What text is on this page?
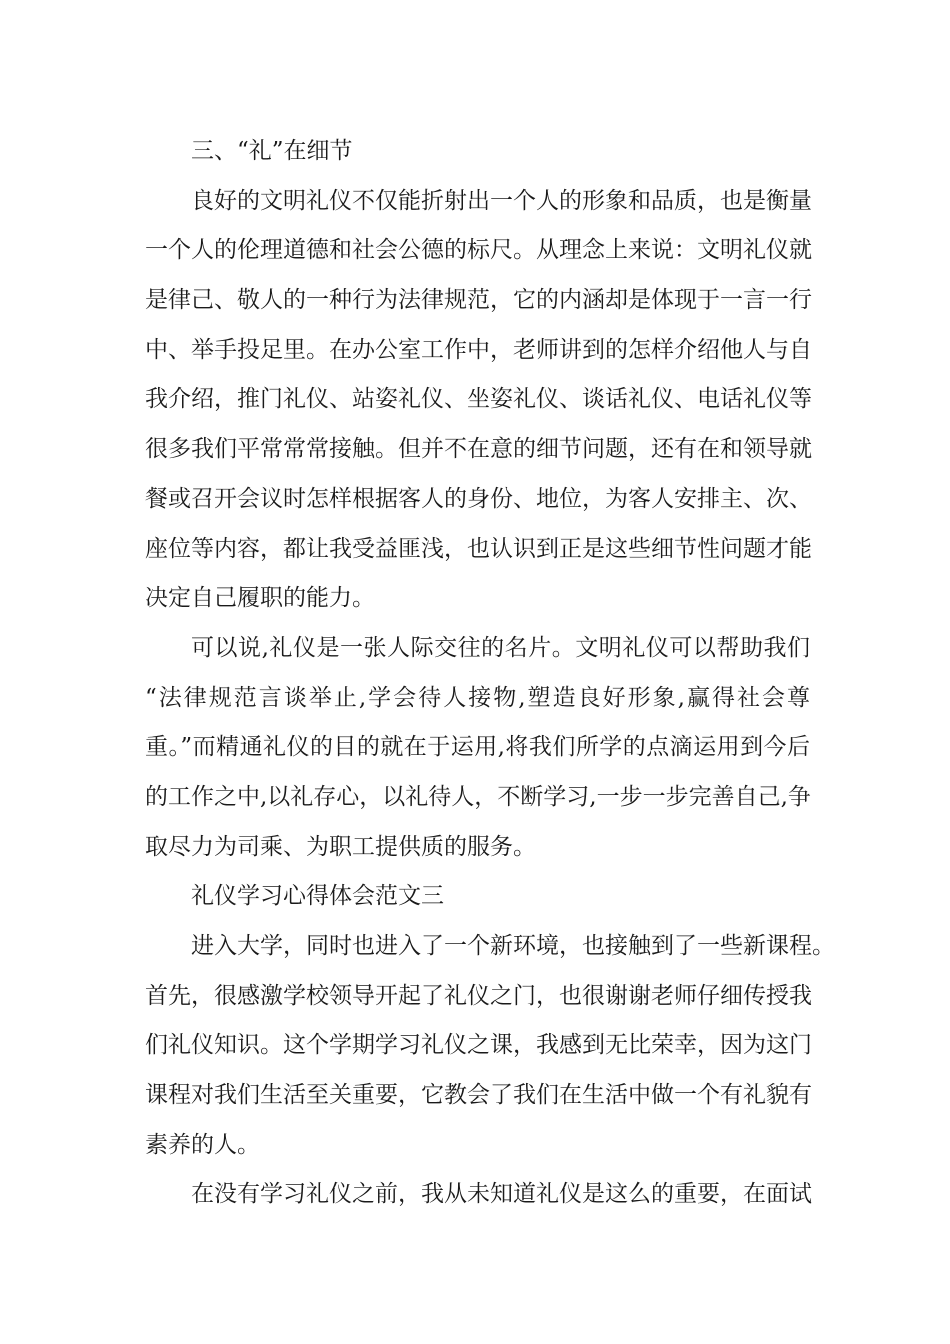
三、“礼”在细节
良好的文明礼仪不仅能折射出一个人的形象和品质，也是衡量
一个人的伦理道德和社会公德的标尺。从理念上来说：文明礼仪就
是律己、敬人的一种行为法律规范，它的内涵却是体现于一言一行
中、举手投足里。在办公室工作中，老师讲到的怎样介绍他人与自
我介绍，推门礼仪、站姿礼仪、坐姿礼仪、谈话礼仪、电话礼仪等
很多我们平常常常接触。但并不在意的细节问题，还有在和领导就
餐或召开会议时怎样根据客人的身份、地位，为客人安排主、次、
座位等内容，都让我受益匪浅，也认识到正是这些细节性问题才能
决定自己履职的能力。
可以说,礼仪是一张人际交往的名片。文明礼仪可以帮助我们
“法律规范言谈举止,学会待人接物,塑造良好形象,赢得社会尊
重。”而精通礼仪的目的就在于运用,将我们所学的点滴运用到今后
的工作之中,以礼存心，以礼待人，不断学习,一步一步完善自己,争
取尽力为司乘、为职工提供质的服务。
礼仪学习心得体会范文三
进入大学，同时也进入了一个新环境，也接触到了一些新课程。
首先，很感激学校领导开起了礼仪之门，也很谢谢老师仔细传授我
们礼仪知识。这个学期学习礼仪之课，我感到无比荣幸，因为这门
课程对我们生活至关重要，它教会了我们在生活中做一个有礼貌有
素养的人。
在没有学习礼仪之前，我从未知道礼仪是这么的重要，在面试
